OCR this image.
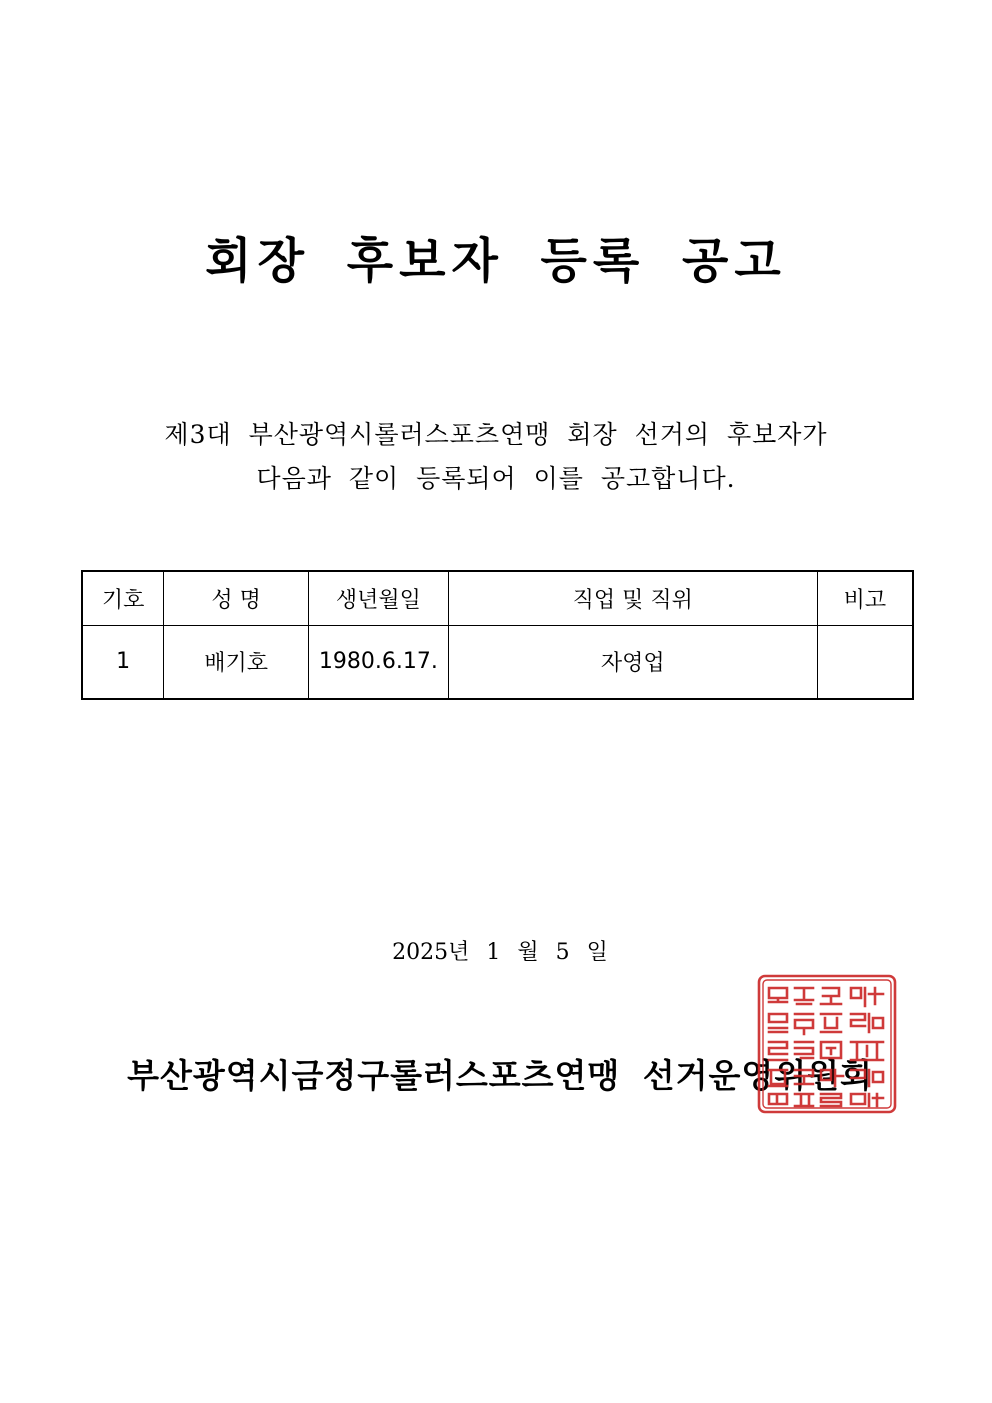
회장 후보자 등록 공고
제3대 부산광역시롤러스포츠연맹 회장 선거의 후보자가
다음과 같이 등록되어 이를 공고합니다.
기호	성 명	생년월일	직업 및 직위	비고
1	배기호	1980.6.17.	자영업	
2025년 1 월 5 일
부산광역시금정구롤러스포츠연맹 선거운영위원회
